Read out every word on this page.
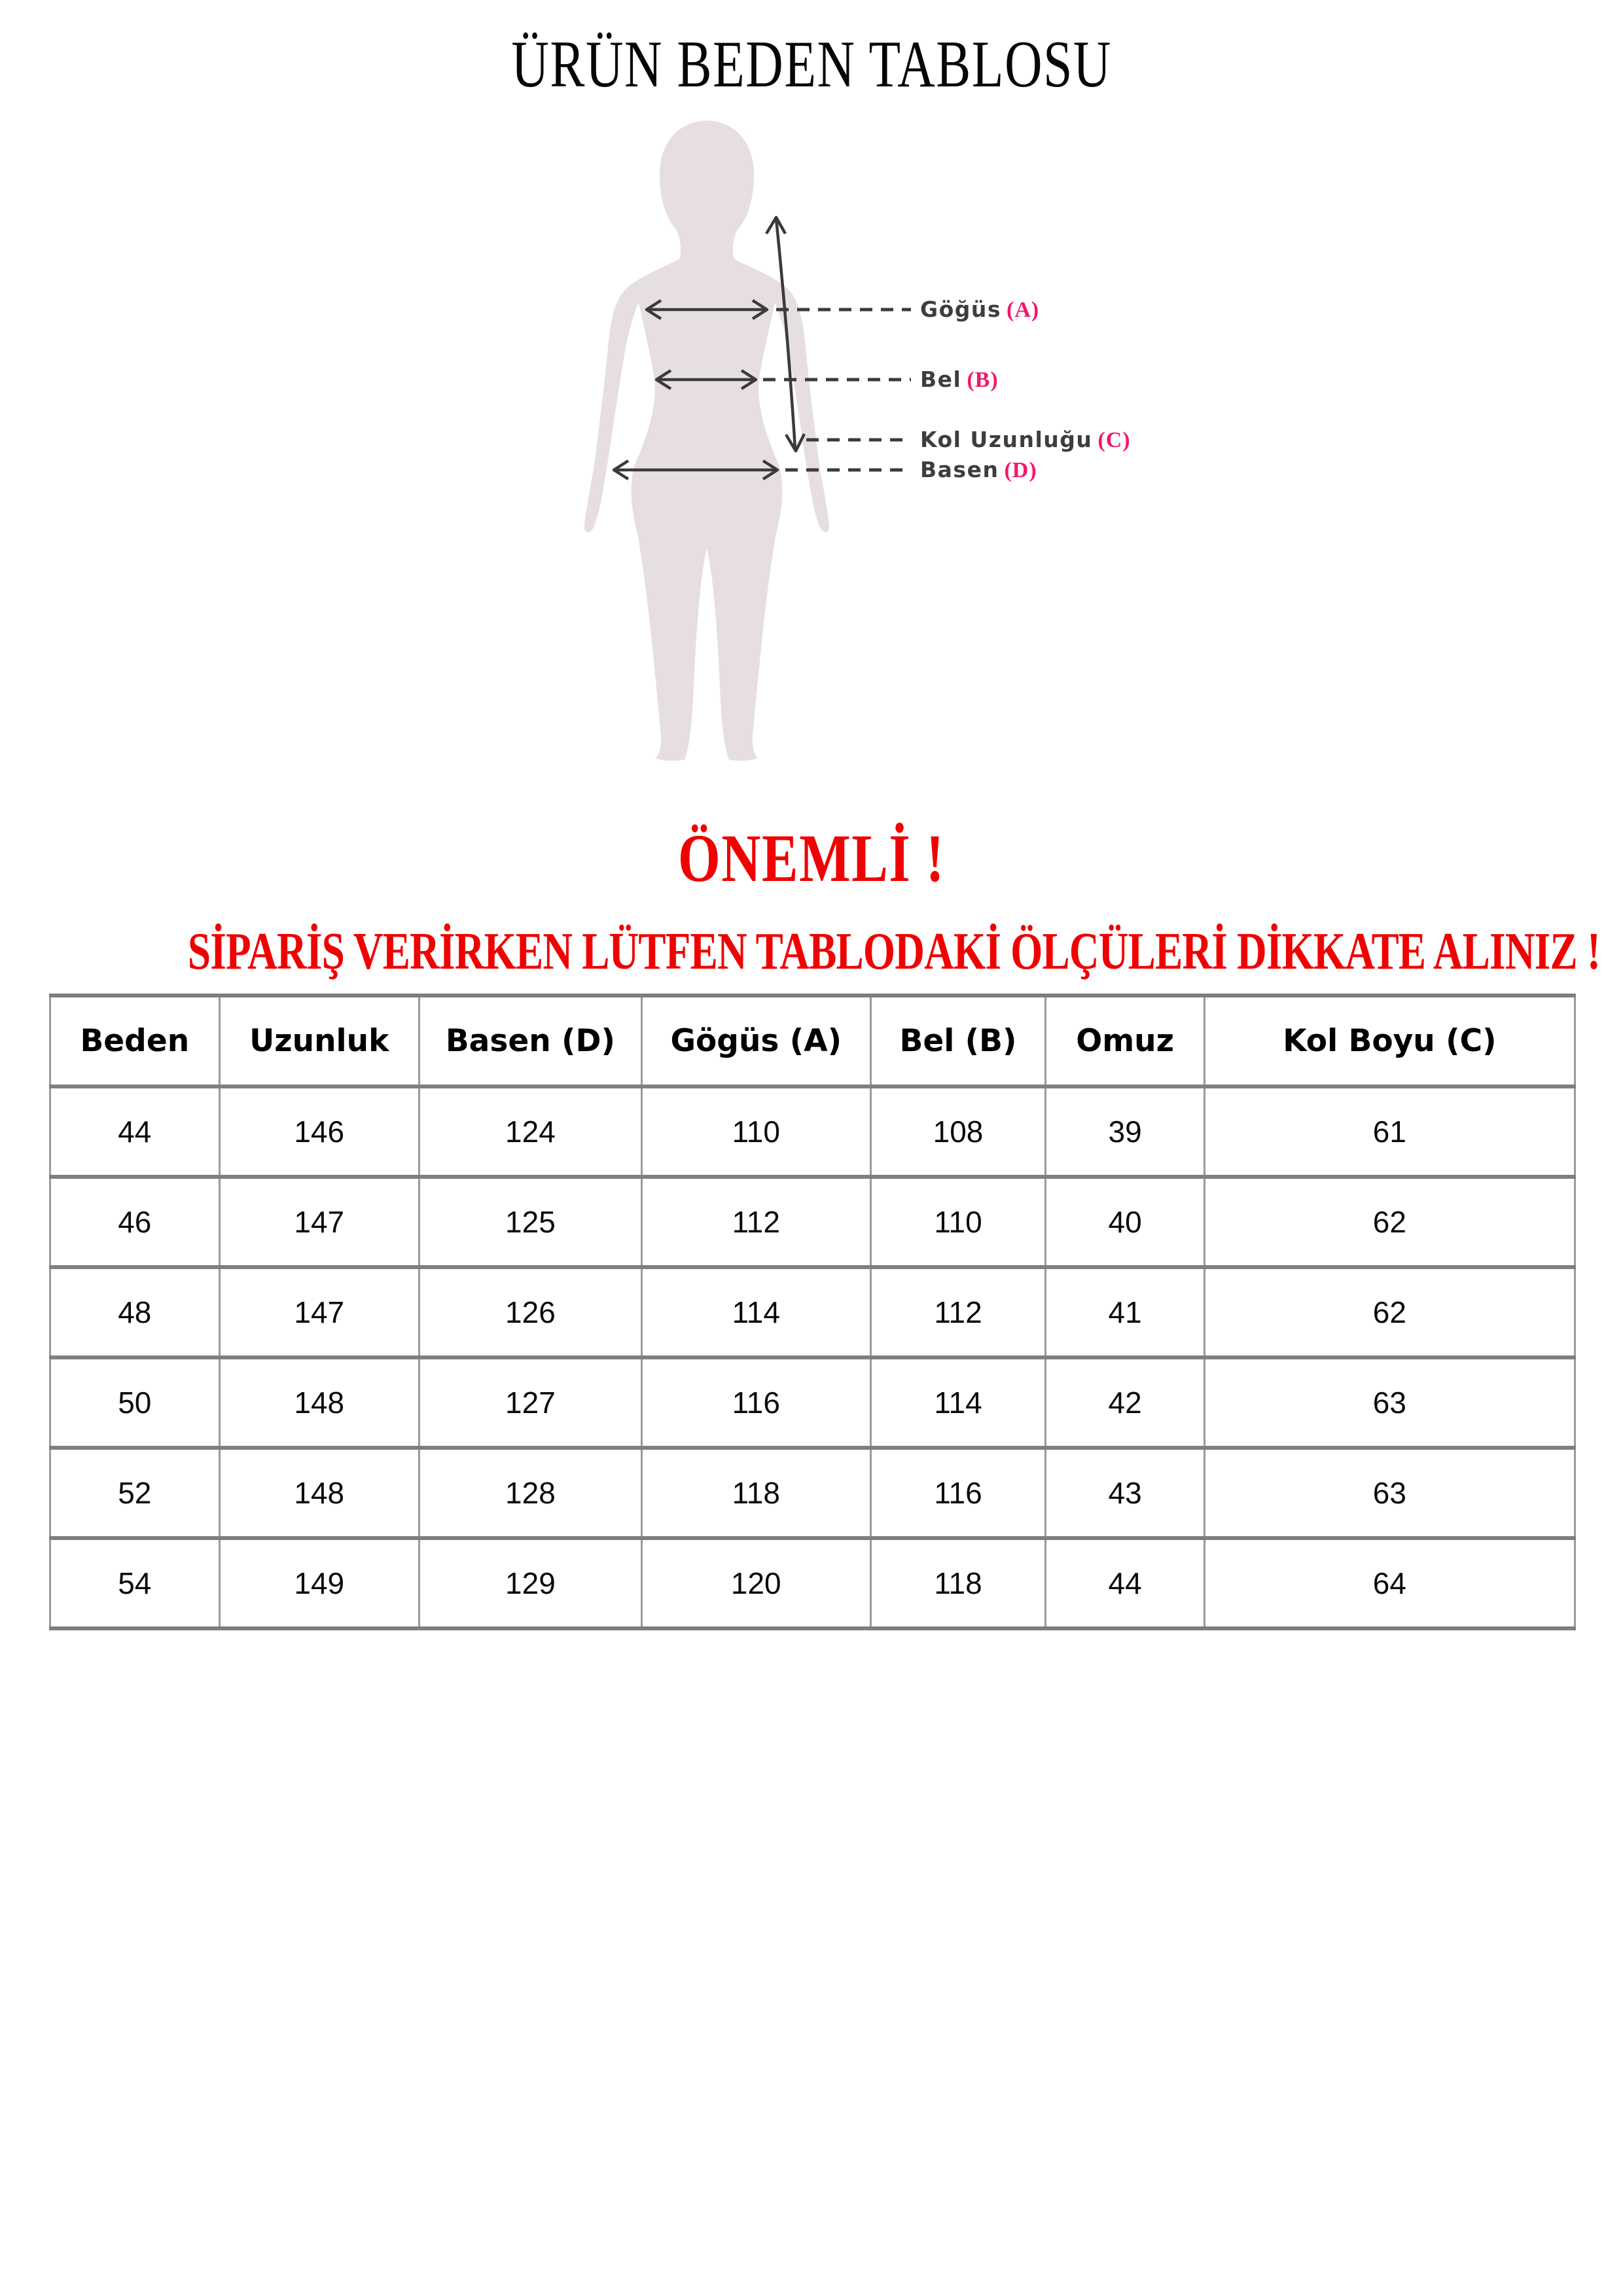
ÜRÜN BEDEN TABLOSU
Göğüs (A)
Bel (B)
Kol Uzunluğu (C)
Basen (D)
ÖNEMLİ !
SİPARİŞ VERİRKEN LÜTFEN TABLODAKİ ÖLÇÜLERİ DİKKATE ALINIZ !
Beden	Uzunluk	Basen (D)	Gögüs (A)	Bel (B)	Omuz	Kol Boyu (C)
44	146	124	110	108	39	61
46	147	125	112	110	40	62
48	147	126	114	112	41	62
50	148	127	116	114	42	63
52	148	128	118	116	43	63
54	149	129	120	118	44	64
